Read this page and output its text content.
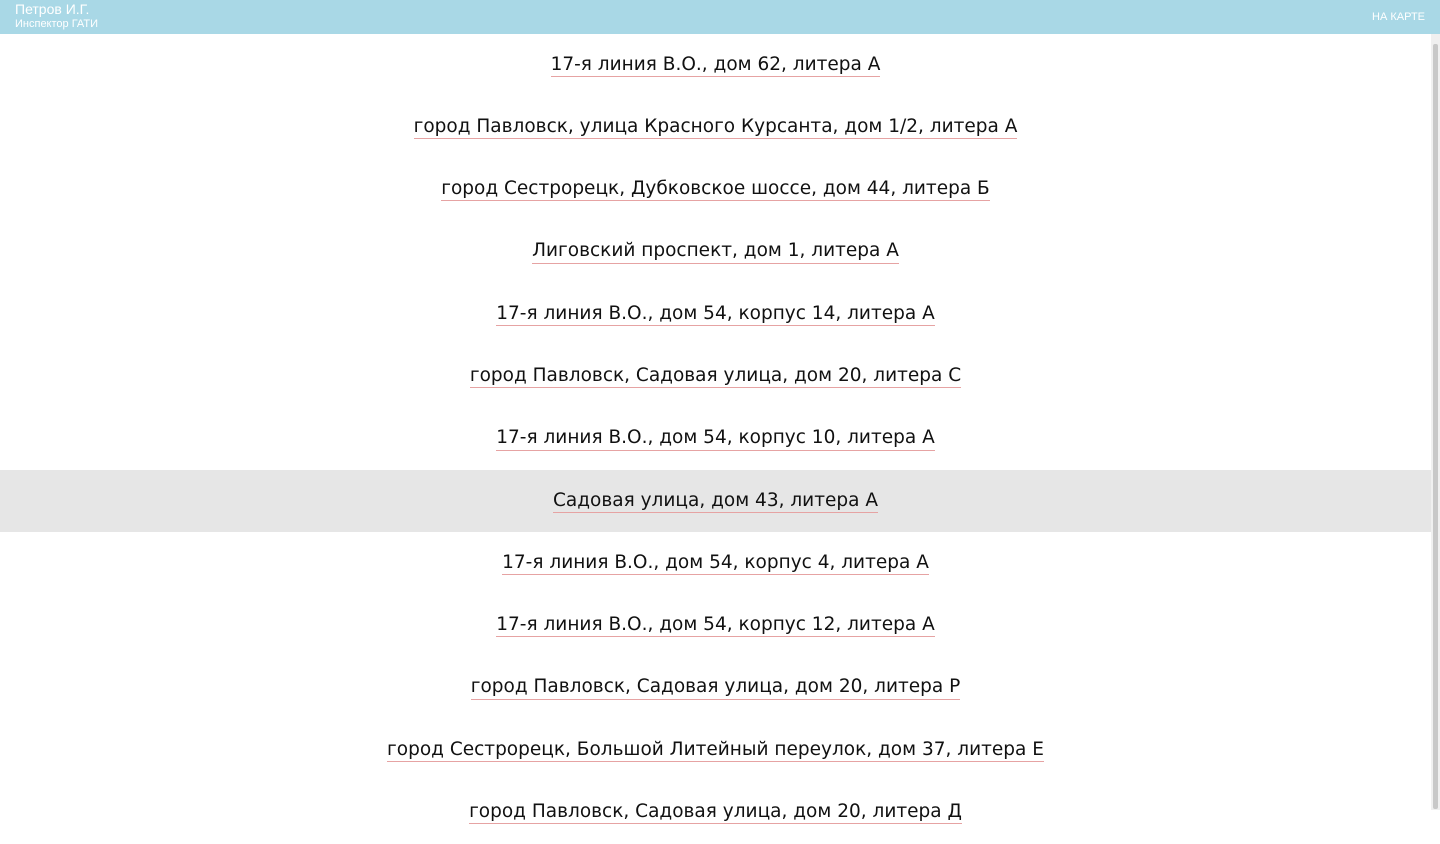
Петров И.Г.
Инспектор ГАТИ
НА КАРТЕ
17-я линия В.О., дом 62, литера А
город Павловск, улица Красного Курсанта, дом 1/2, литера А
город Сестрорецк, Дубковское шоссе, дом 44, литера Б
Лиговский проспект, дом 1, литера А
17-я линия В.О., дом 54, корпус 14, литера А
город Павловск, Садовая улица, дом 20, литера С
17-я линия В.О., дом 54, корпус 10, литера А
Садовая улица, дом 43, литера А
17-я линия В.О., дом 54, корпус 4, литера А
17-я линия В.О., дом 54, корпус 12, литера А
город Павловск, Садовая улица, дом 20, литера Р
город Сестрорецк, Большой Литейный переулок, дом 37, литера Е
город Павловск, Садовая улица, дом 20, литера Д
